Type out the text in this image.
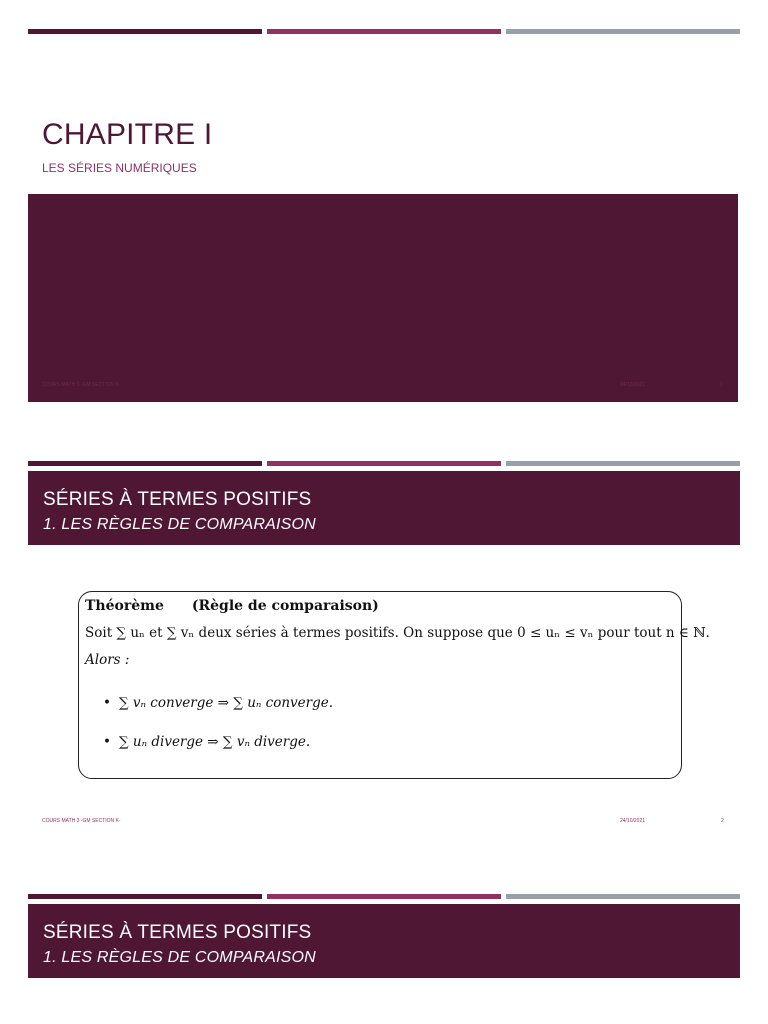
CHAPITRE I
LES SÉRIES NUMÉRIQUES
COURS MATH 3 -GM SECTION K-	24/10/2021	1
SÉRIES À TERMES POSITIFS
1. LES RÈGLES DE COMPARAISON
Théorème (Règle de comparaison)
Soit ∑ uₙ et ∑ vₙ deux séries à termes positifs. On suppose que 0 ≤ uₙ ≤ vₙ pour tout n ∈ ℕ.
Alors :
• ∑ vₙ converge ⇒ ∑ uₙ converge.
• ∑ uₙ diverge ⇒ ∑ vₙ diverge.
COURS MATH 3 -GM SECTION K-	24/10/2021	2
SÉRIES À TERMES POSITIFS
1. LES RÈGLES DE COMPARAISON
